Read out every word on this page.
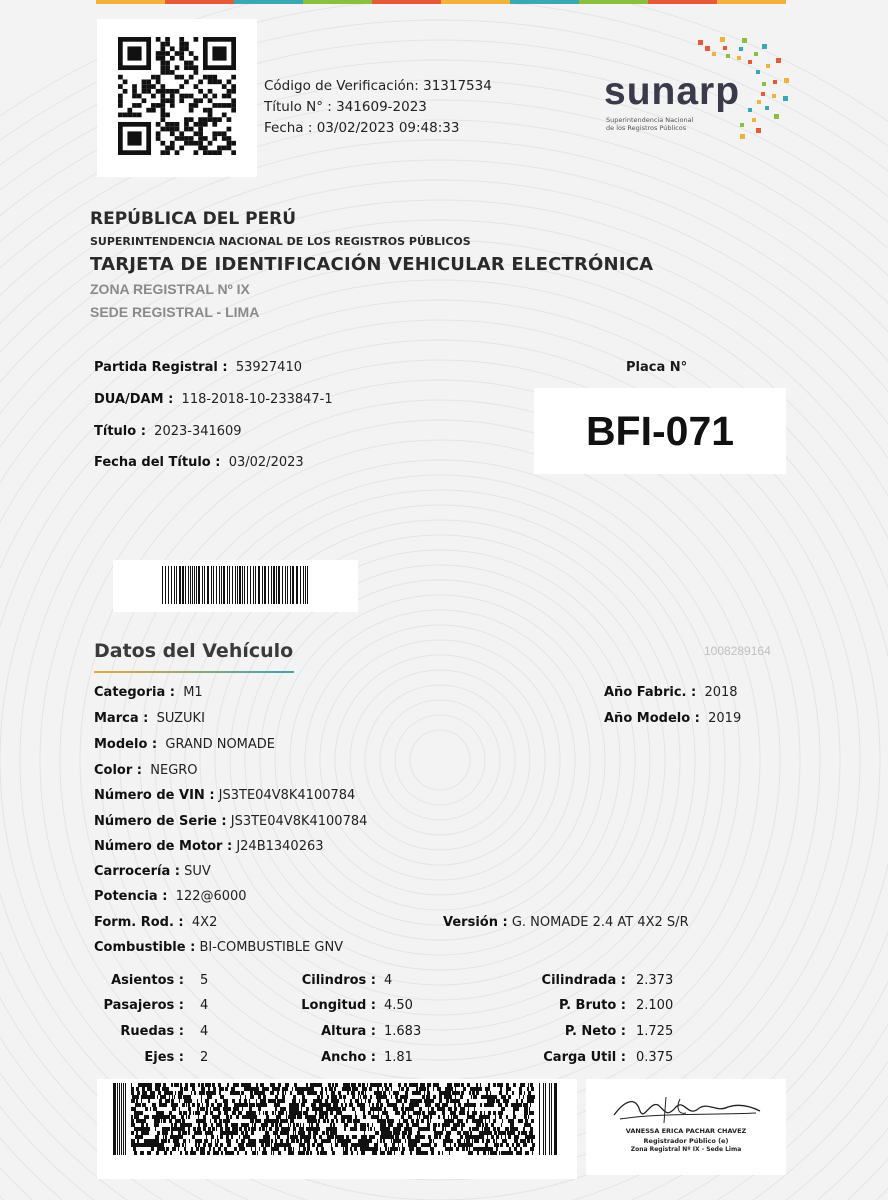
Código de Verificación: 31317534
Título N° : 341609-2023
Fecha : 03/02/2023 09:48:33
sunarp
Superintendencia Nacional
de los Registros Públicos
REPÚBLICA DEL PERÚ
SUPERINTENDENCIA NACIONAL DE LOS REGISTROS PÚBLICOS
TARJETA DE IDENTIFICACIÓN VEHICULAR ELECTRÓNICA
ZONA REGISTRAL Nº IX
SEDE REGISTRAL - LIMA
Partida Registral : 53927410
DUA/DAM : 118-2018-10-233847-1
Título : 2023-341609
Fecha del Título : 03/02/2023
Placa N°
BFI-071
Datos del Vehículo	1008289164
Categoria : M1
Marca : SUZUKI
Modelo : GRAND NOMADE
Color : NEGRO
Número de VIN : JS3TE04V8K4100784
Número de Serie : JS3TE04V8K4100784
Número de Motor : J24B1340263
Carrocería : SUV
Potencia : 122@6000
Form. Rod. : 4X2
Combustible : BI-COMBUSTIBLE GNV
Año Fabric. : 2018
Año Modelo : 2019
Versión : G. NOMADE 2.4 AT 4X2 S/R
Asientos : 5
Pasajeros : 4
Ruedas : 4
Ejes : 2
Cilindros : 4
Longitud : 4.50
Altura : 1.683
Ancho : 1.81
Cilindrada : 2.373
P. Bruto : 2.100
P. Neto : 1.725
Carga Util : 0.375
VANESSA ERICA PACHAR CHAVEZ
Registrador Público (e)
Zona Registral Nº IX - Sede Lima
